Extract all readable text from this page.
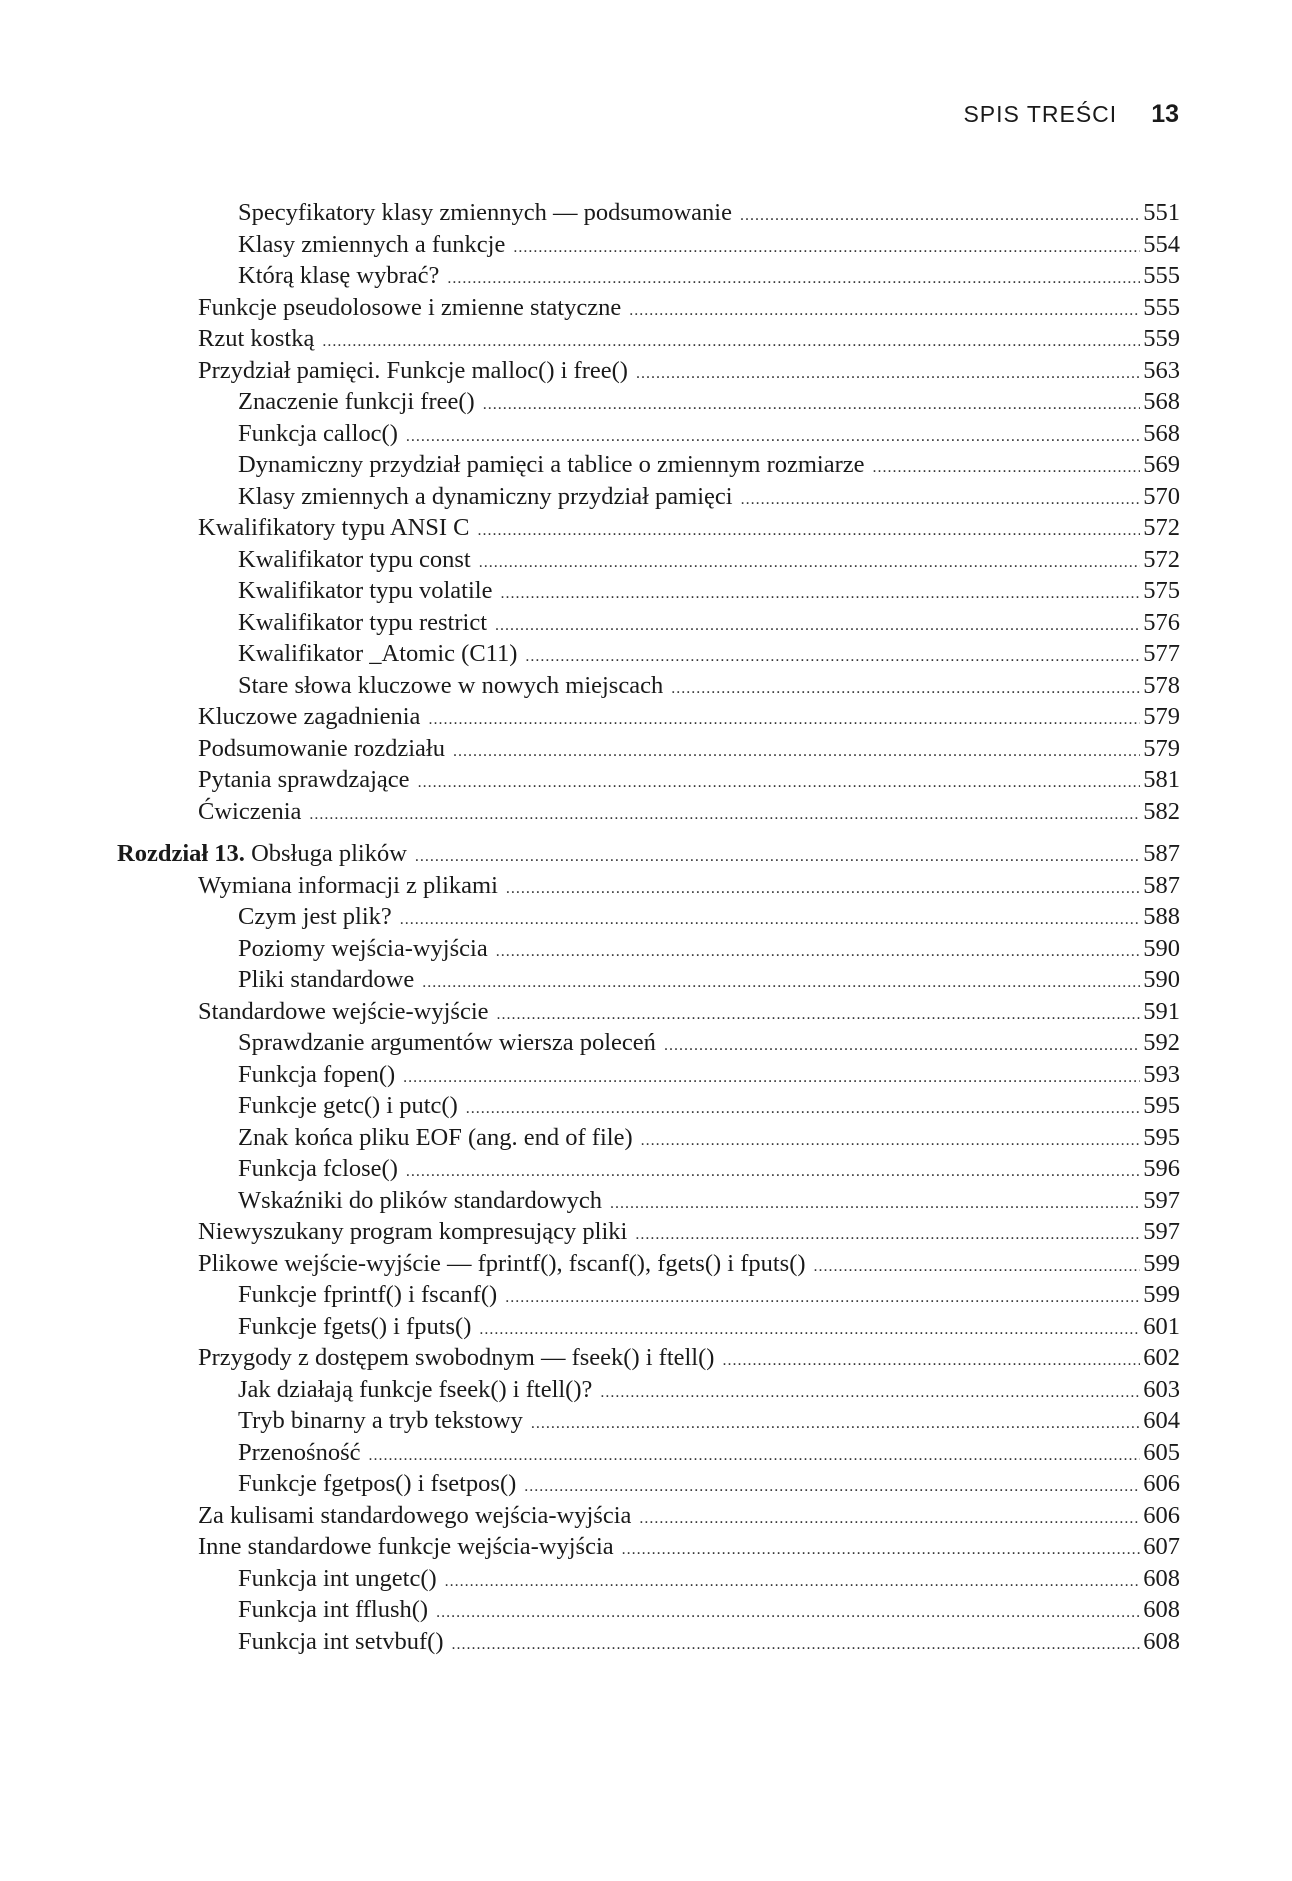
SPIS TREŚCI 13
Specyfikatory klasy zmiennych — podsumowanie .....	551
Klasy zmiennych a funkcje .....	554
Którą klasę wybrać? .....	555
Funkcje pseudolosowe i zmienne statyczne .....	555
Rzut kostką .....	559
Przydział pamięci. Funkcje malloc() i free() .....	563
Znaczenie funkcji free() .....	568
Funkcja calloc() .....	568
Dynamiczny przydział pamięci a tablice o zmiennym rozmiarze .....	569
Klasy zmiennych a dynamiczny przydział pamięci .....	570
Kwalifikatory typu ANSI C .....	572
Kwalifikator typu const .....	572
Kwalifikator typu volatile .....	575
Kwalifikator typu restrict .....	576
Kwalifikator _Atomic (C11) .....	577
Stare słowa kluczowe w nowych miejscach .....	578
Kluczowe zagadnienia .....	579
Podsumowanie rozdziału .....	579
Pytania sprawdzające .....	581
Ćwiczenia .....	582
Rozdział 13. Obsługa plików .....	587
Wymiana informacji z plikami .....	587
Czym jest plik? .....	588
Poziomy wejścia-wyjścia .....	590
Pliki standardowe .....	590
Standardowe wejście-wyjście .....	591
Sprawdzanie argumentów wiersza poleceń .....	592
Funkcja fopen() .....	593
Funkcje getc() i putc() .....	595
Znak końca pliku EOF (ang. end of file) .....	595
Funkcja fclose() .....	596
Wskaźniki do plików standardowych .....	597
Niewyszukany program kompresujący pliki .....	597
Plikowe wejście-wyjście — fprintf(), fscanf(), fgets() i fputs() .....	599
Funkcje fprintf() i fscanf() .....	599
Funkcje fgets() i fputs() .....	601
Przygody z dostępem swobodnym — fseek() i ftell() .....	602
Jak działają funkcje fseek() i ftell()? .....	603
Tryb binarny a tryb tekstowy .....	604
Przenośność .....	605
Funkcje fgetpos() i fsetpos() .....	606
Za kulisami standardowego wejścia-wyjścia .....	606
Inne standardowe funkcje wejścia-wyjścia .....	607
Funkcja int ungetc() .....	608
Funkcja int fflush() .....	608
Funkcja int setvbuf() .....	608
